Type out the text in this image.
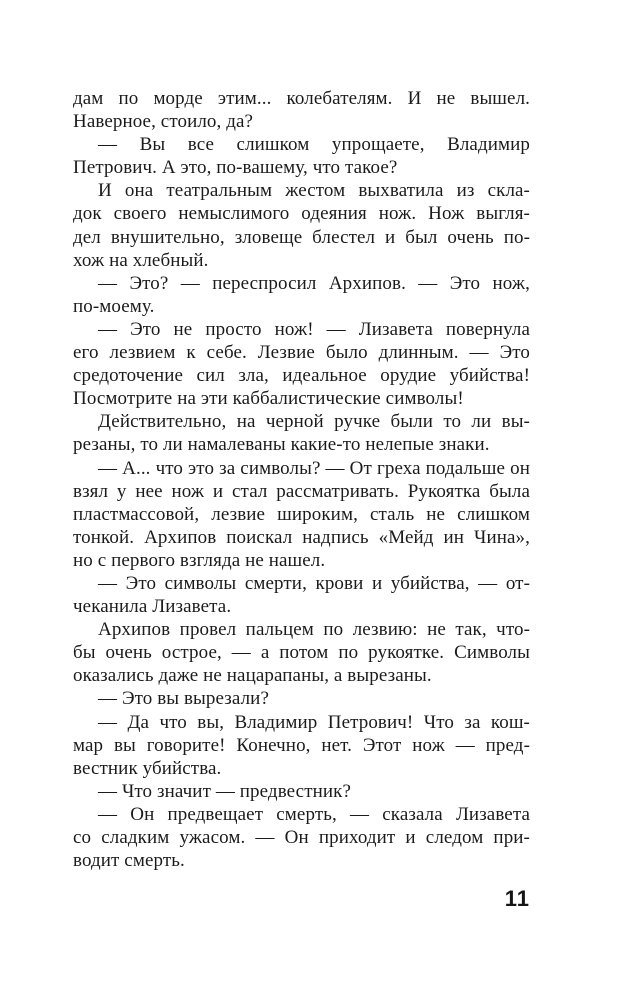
дам по морде этим... колебателям. И не вышел.
Наверное, стоило, да?
— Вы все слишком упрощаете, Владимир
Петрович. А это, по-вашему, что такое?
И она театральным жестом выхватила из скла-
док своего немыслимого одеяния нож. Нож выгля-
дел внушительно, зловеще блестел и был очень по-
хож на хлебный.
— Это? — переспросил Архипов. — Это нож,
по-моему.
— Это не просто нож! — Лизавета повернула
его лезвием к себе. Лезвие было длинным. — Это
средоточение сил зла, идеальное орудие убийства!
Посмотрите на эти каббалистические символы!
Действительно, на черной ручке были то ли вы-
резаны, то ли намалеваны какие-то нелепые знаки.
— А... что это за символы? — От греха подальше он
взял у нее нож и стал рассматривать. Рукоятка была
пластмассовой, лезвие широким, сталь не слишком
тонкой. Архипов поискал надпись «Мейд ин Чина»,
но с первого взгляда не нашел.
— Это символы смерти, крови и убийства, — от-
чеканила Лизавета.
Архипов провел пальцем по лезвию: не так, что-
бы очень острое, — а потом по рукоятке. Символы
оказались даже не нацарапаны, а вырезаны.
— Это вы вырезали?
— Да что вы, Владимир Петрович! Что за кош-
мар вы говорите! Конечно, нет. Этот нож — пред-
вестник убийства.
— Что значит — предвестник?
— Он предвещает смерть, — сказала Лизавета
со сладким ужасом. — Он приходит и следом при-
водит смерть.
11
